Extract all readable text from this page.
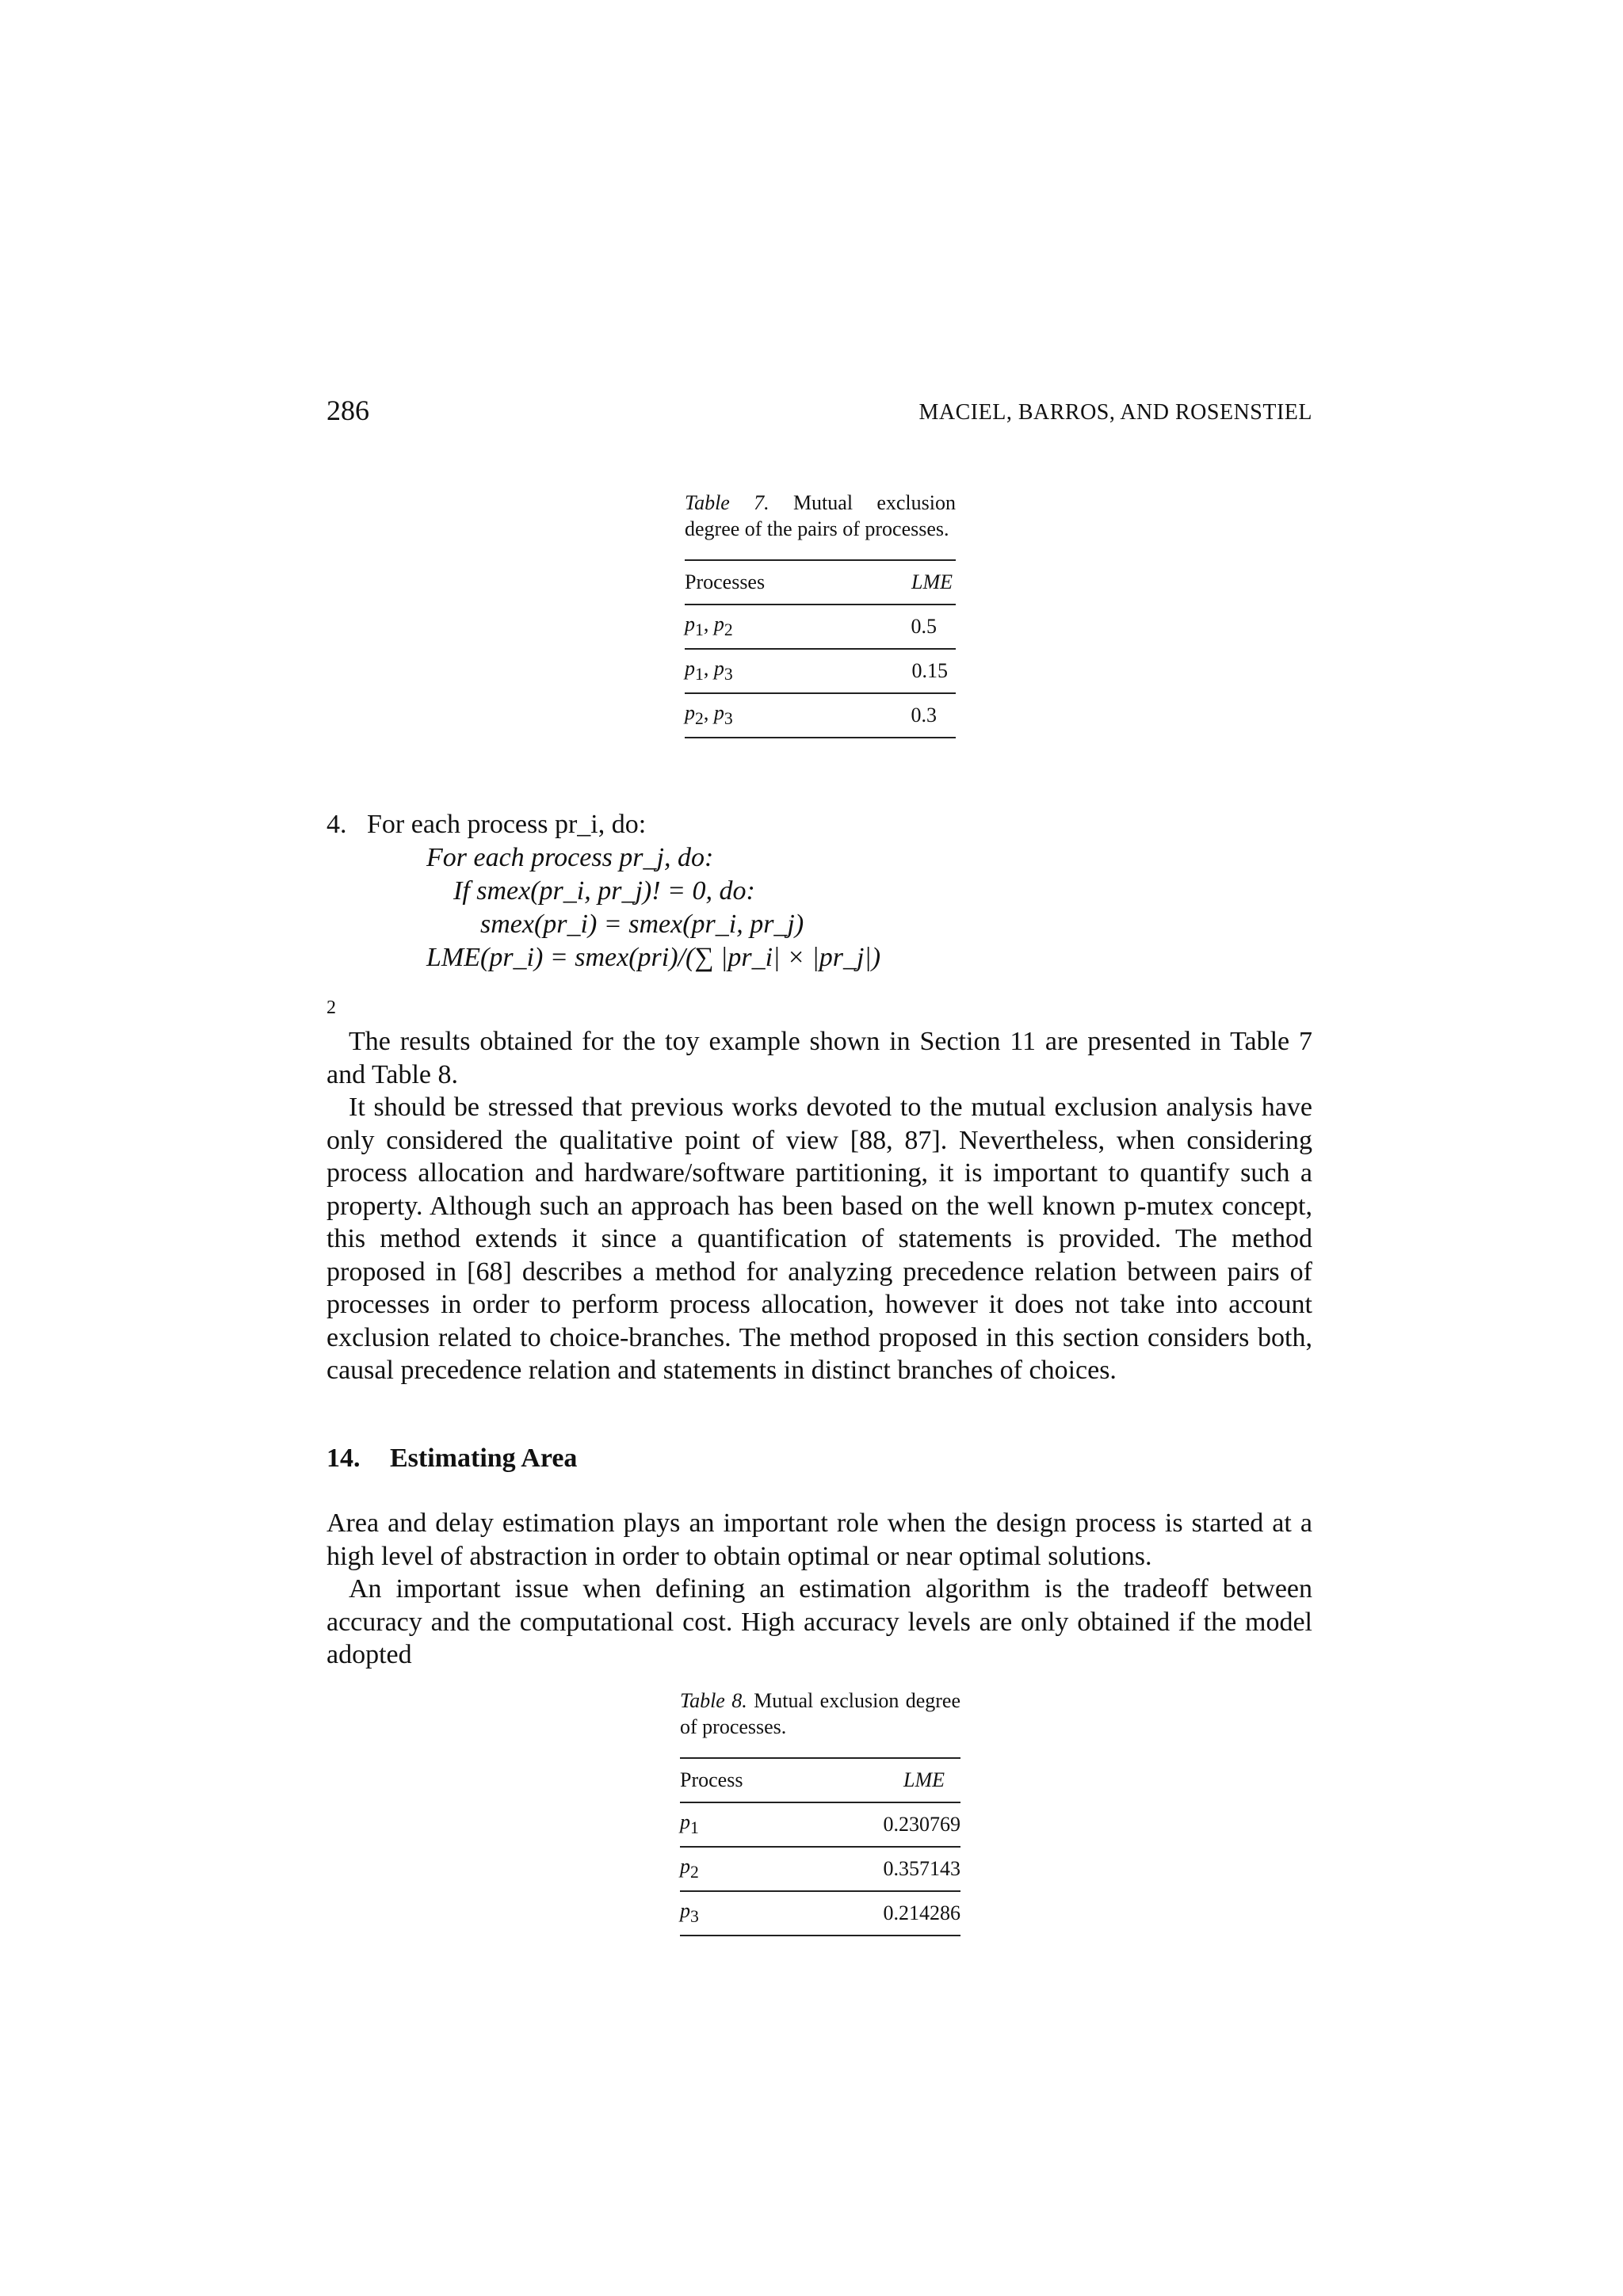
286	MACIEL, BARROS, AND ROSENSTIEL
Table 7. Mutual exclusion degree of the pairs of processes.
Processes	LME
$p_1$, $p_2$	0.5
$p_1$, $p_3$	0.15
$p_2$, $p_3$	0.3
4. For each process pr_i, do:
For each process pr_j, do:
If smex(pr_i, pr_j)! = 0, do:
smex(pr_i) = smex(pr_i, pr_j)
LME(pr_i) = smex(pri)/(∑ |pr_i| × |pr_j|)
2

The results obtained for the toy example shown in Section 11 are presented in Table 7 and Table 8.

It should be stressed that previous works devoted to the mutual exclusion analysis have only considered the qualitative point of view [88, 87]. Nevertheless, when considering process allocation and hardware/software partitioning, it is important to quantify such a property. Although such an approach has been based on the well known p-mutex concept, this method extends it since a quantification of statements is provided. The method proposed in [68] describes a method for analyzing precedence relation between pairs of processes in order to perform process allocation, however it does not take into account exclusion related to choice-branches. The method proposed in this section considers both, causal precedence relation and statements in distinct branches of choices.

14. Estimating Area

Area and delay estimation plays an important role when the design process is started at a high level of abstraction in order to obtain optimal or near optimal solutions.

An important issue when defining an estimation algorithm is the tradeoff between accuracy and the computational cost. High accuracy levels are only obtained if the model adopted

Table 8. Mutual exclusion degree of processes.
Process	LME
$p_1$	0.230769
$p_2$	0.357143
$p_3$	0.214286
